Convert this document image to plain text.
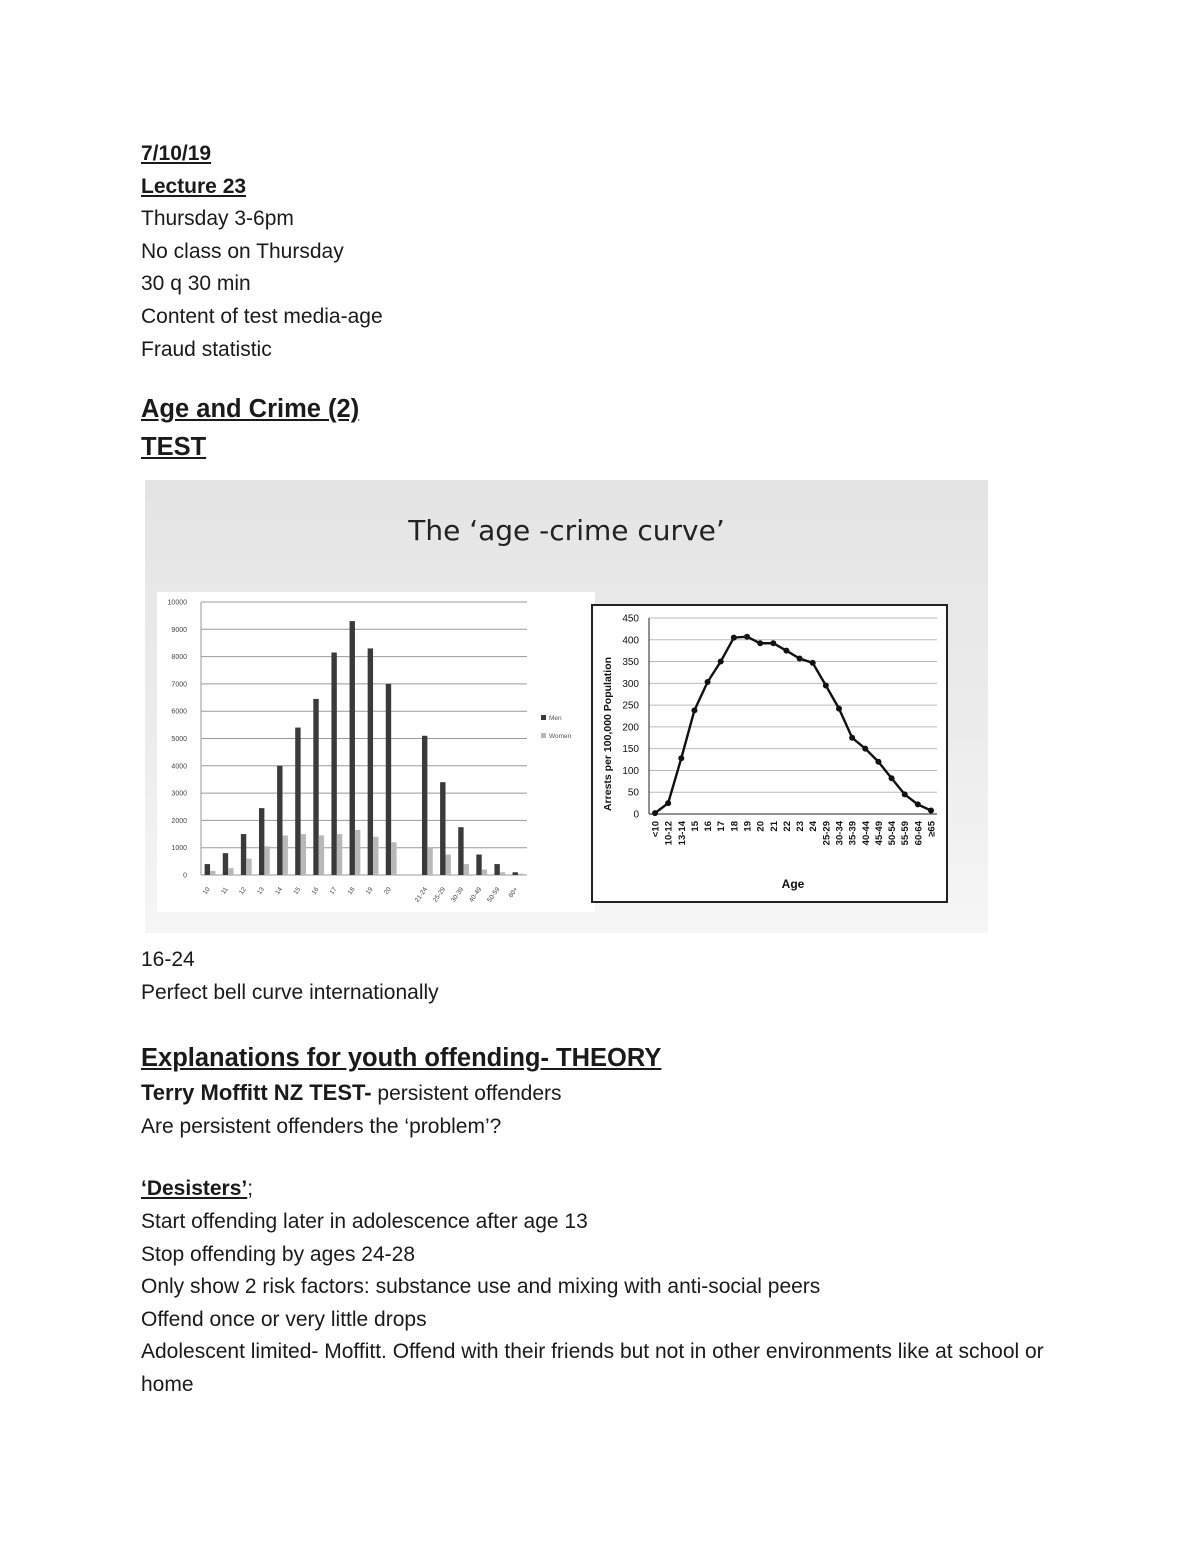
7/10/19

Lecture 23

Thursday 3-6pm

No class on Thursday

30 q 30 min

Content of test media-age

Fraud statistic

Age and Crime (2)

TEST

The ‘age -crime curve’
0
1000
2000
3000
4000
5000
6000
7000
8000
9000
10000
10 11 12 13 14 15 16 17 18 19 20	21-24 25-29 30-39 40-49 50-59 60+
Men
Women
0
50
100
150
200
250
300
350
400
450
<10 10-12 13-14 15 16 17 18 19 20 21 22 23 24 25-29 30-34 35-39 40-44 45-49 50-54 55-59 60-64 ≥65
Age
Arrests per 100,000 Population

16-24

Perfect bell curve internationally

Explanations for youth offending- THEORY

Terry Moffitt NZ TEST- persistent offenders

Are persistent offenders the ‘problem’?

‘Desisters’;

Start offending later in adolescence after age 13

Stop offending by ages 24-28

Only show 2 risk factors: substance use and mixing with anti-social peers

Offend once or very little drops

Adolescent limited- Moffitt. Offend with their friends but not in other environments like at school or home
